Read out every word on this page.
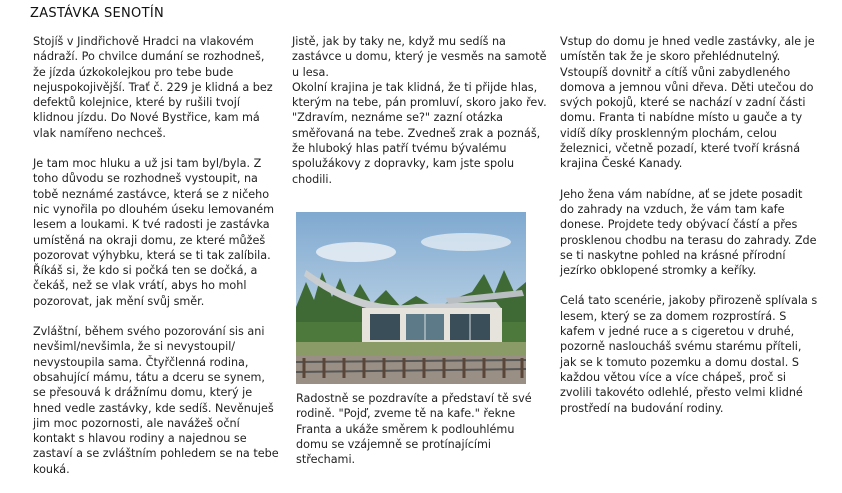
ZASTÁVKA SENOTÍN

Stojíš v Jindřichově Hradci na vlakovém nádraží. Po chvilce dumání se rozhodneš, že jízda úzkokolejkou pro tebe bude nejuspokojivější. Trať č. 229 je klidná a bez defektů kolejnice, které by rušili tvojí klidnou jízdu. Do Nové Bystřice, kam má vlak namířeno nechceš.

Je tam moc hluku a už jsi tam byl/byla. Z toho důvodu se rozhodneš vystoupit, na tobě neznámé zastávce, která se z ničeho nic vynořila po dlouhém úseku lemovaném lesem a loukami. K tvé radosti je zastávka umístěná na okraji domu, ze které můžeš pozorovat výhybku, která se ti tak zalíbila. Říkáš si, že kdo si počká ten se dočká, a čekáš, než se vlak vrátí, abys ho mohl pozorovat, jak mění svůj směr.

Zvláštní, během svého pozorování sis ani nevšiml/nevšimla, že si nevystoupil/ nevystoupila sama. Čtyřčlenná rodina, obsahující mámu, tátu a dceru se synem, se přesouvá k drážnímu domu, který je hned vedle zastávky, kde sedíš. Nevěnuješ jim moc pozornosti, ale navážeš oční kontakt s hlavou rodiny a najednou se zastaví a se zvláštním pohledem se na tebe kouká.

Jistě, jak by taky ne, když mu sedíš na zastávce u domu, který je vesměs na samotě u lesa.

Okolní krajina je tak klidná, že ti přijde hlas, kterým na tebe, pán promluví, skoro jako řev. "Zdravím, neznáme se?" zazní otázka směřovaná na tebe. Zvedneš zrak a poznáš, že hluboký hlas patří tvému bývalému spolužákovy z dopravky, kam jste spolu chodili.

Radostně se pozdravíte a představí tě své rodině. "Pojď, zveme tě na kafe." řekne Franta a ukáže směrem k podlouhlému domu se vzájemně se protínajícími střechami.

Vstup do domu je hned vedle zastávky, ale je umístěn tak že je skoro přehlédnutelný. Vstoupíš dovnitř a cítíš vůni zabydleného domova a jemnou vůni dřeva. Děti utečou do svých pokojů, které se nachází v zadní části domu. Franta ti nabídne místo u gauče a ty vidíš díky prosklenným plochám, celou železnici, včetně pozadí, které tvoří krásná krajina České Kanady.

Jeho žena vám nabídne, ať se jdete posadit do zahrady na vzduch, že vám tam kafe donese. Projdete tedy obývací částí a přes prosklenou chodbu na terasu do zahrady. Zde se ti naskytne pohled na krásné přírodní jezírko obklopené stromky a keříky.

Celá tato scenérie, jakoby přirozeně splívala s lesem, který se za domem rozprostírá. S kafem v jedné ruce a s cigeretou v druhé, pozorně nasloucháš svému starému příteli, jak se k tomuto pozemku a domu dostal. S každou větou více a více chápeš, proč si zvolili takovéto odlehlé, přesto velmi klidné prostředí na budování rodiny.
